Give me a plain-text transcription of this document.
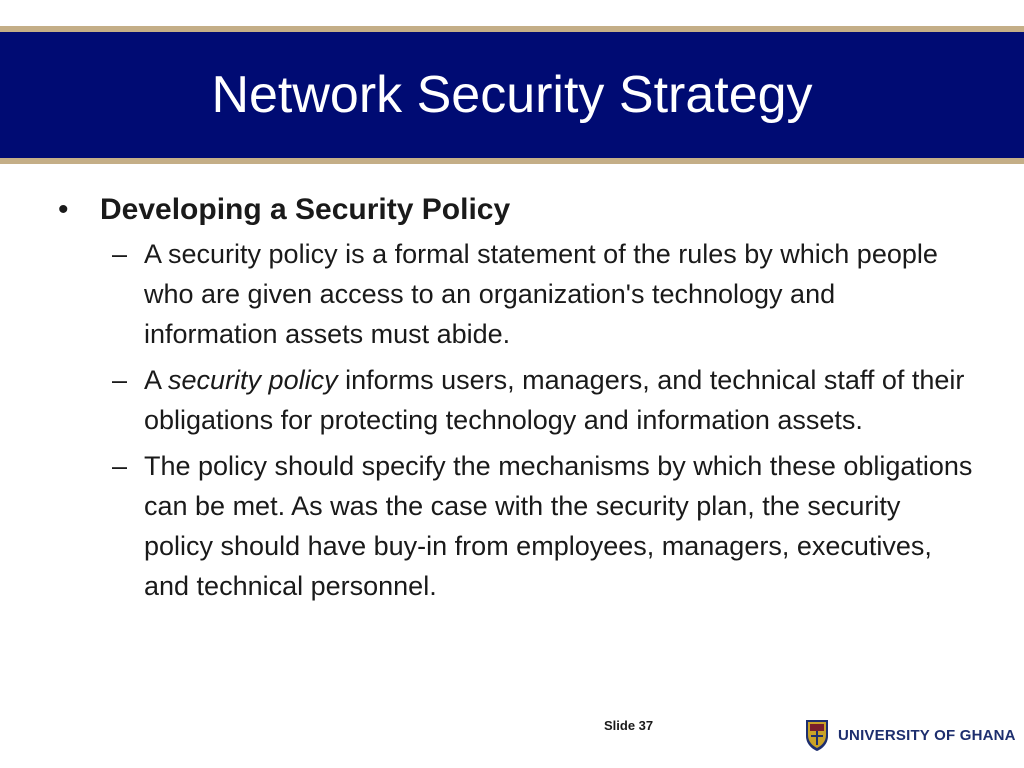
Network Security Strategy
•	Developing a Security Policy
– A security policy is a formal statement of the rules by which people who are given access to an organization's technology and information assets must abide.
– A security policy informs users, managers, and technical staff of their obligations for protecting technology and information assets.
– The policy should specify the mechanisms by which these obligations can be met. As was the case with the security plan, the security policy should have buy-in from employees, managers, executives, and technical personnel.
Slide 37
UNIVERSITY OF GHANA
